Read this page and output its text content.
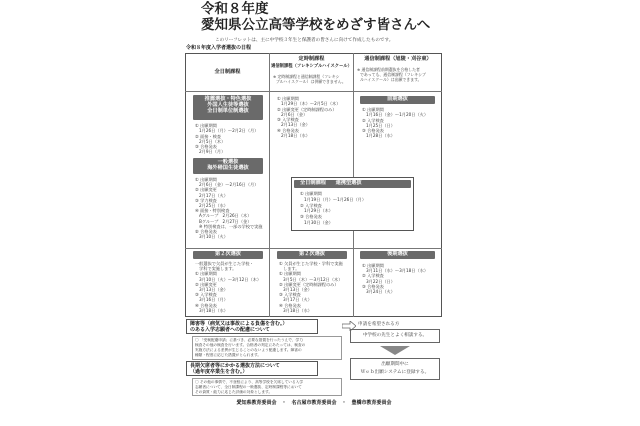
令和８年度
愛知県公立高等学校をめざす皆さんへ
このリーフレットは、主に中学校３年生と保護者の皆さんに向けて作成したものです。
令和８年度入学者選抜の日程
全日制課程
定時制課程
通信制課程（フレキシブルハイスクール）
※ 定時制課程と通信制課程（フレキシ
ブルハイスクール）は併願できません。
通信制課程（旭陵・刈谷東）
※ 通信制課程前期選抜を合格した者
であっても、通信制課程（フレキシブ
ルハイスクール）は出願できます。
推薦選抜・特色選抜
外国人生徒等選抜
全日制単位制選抜
① 出願期間
1月26日（月）～2月2日（月）
② 面接・検査
2月5日（木）
③ 合格発表
2月9日（月）
一般選抜
海外帰国生徒選抜
① 出願期間
2月6日（金）～2月16日（月）
② 出願変更
2月17日（火）
③ 学力検査
2月25日（水）
④ 面接・特別検査
Aグループ　2月26日（木）
Bグループ　2月27日（金）
※ 特別検査は、一部の学校で実施
⑤ 合格発表
3月10日（火）
第２次選抜
一般選抜で欠員が生じた学校・
学科で実施します。
① 出願期間
3月10日（火）～3月12日（木）
② 出願変更
3月13日（金）
③ 入学検査
3月16日（月）
④ 合格発表
3月18日（水）
① 出願期間
1月29日（木）～2月5日（木）
② 出願変更（定時制課程のみ）
2月6日（金）
③ 入学検査
2月13日（金）
④ 合格発表
2月18日（水）
第２次選抜
① 欠員が生じた学校・学科で実施
します。
① 出願期間
3月5日（木）～3月12日（木）
② 出願変更（定時制課程のみ）
3月13日（金）
③ 入学検査
3月17日（火）
④ 合格発表
3月18日（水）
前期選抜
① 出願期間
1月16日（金）～1月20日（火）
② 入学検査
1月25日（日）
③ 合格発表
1月28日（水）
後期選抜
① 出願期間
3月11日（水）～3月18日（水）
② 入学検査
3月22日（日）
③ 合格発表
3月24日（火）
全日制課程 連携型選抜
① 出願期間
1月19日（月）～1月26日（月）
② 入学検査
1月29日（木）
③ 合格発表
1月30日（金）
障害等（病気又は事故による負傷を含む。）
のある入学志願者への配慮について
〇 「受検配慮申請」に基づき、必要な措置を行ったうえで、学力
検査その他の検査を行います。合格者の判定にあたっては、検査の
実施方法による差異が生じることのないよう配慮します。障害の
種類・程度に応じた措置がとられます。
長期欠席者等にかかる選抜方法について
（過年度卒業生を含む。）
〇 その他の事情で、不登校により、高等学校を欠席している入学
志願者について、全日制課程の一般選抜、定時制課程等において
その資質・能力に応じた評価の対象とします。
申請を希望される方
中学校の先生とよく相談する。
出願期間中に
Ｗｅｂ出願システムに登録する。
愛知県教育委員会　・　名古屋市教育委員会　・　豊橋市教育委員会
